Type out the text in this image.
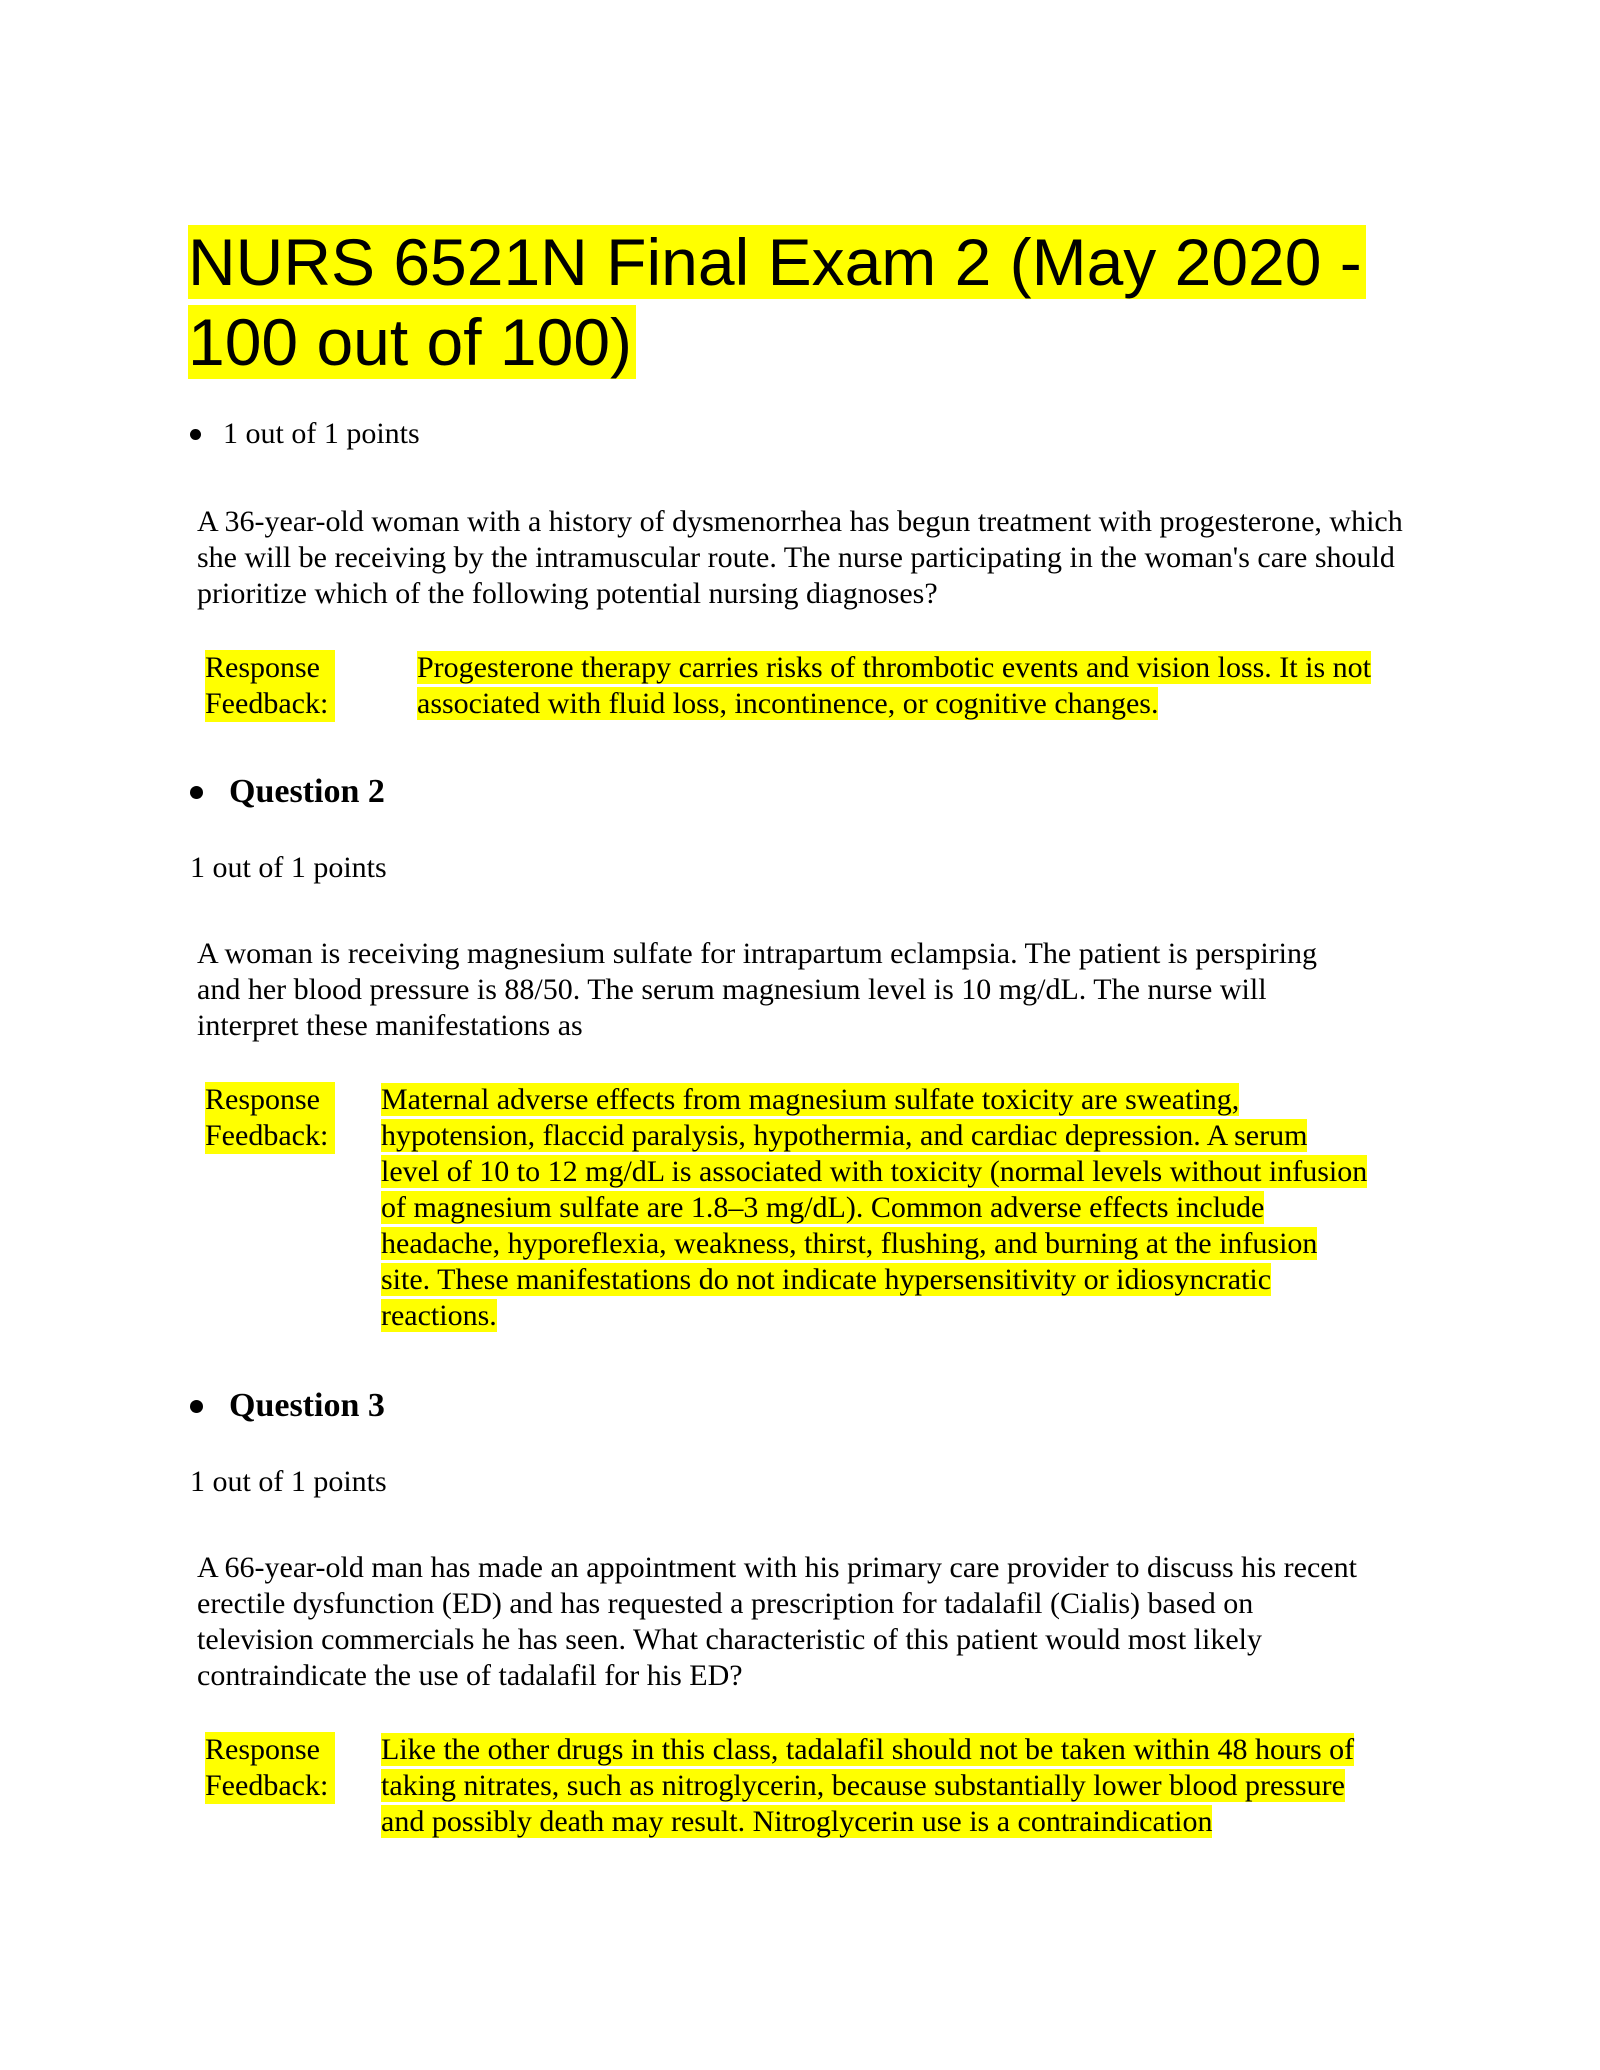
NURS 6521N Final Exam 2 (May 2020 - 100 out of 100)
1 out of 1 points

A 36-year-old woman with a history of dysmenorrhea has begun treatment with progesterone, which she will be receiving by the intramuscular route. The nurse participating in the woman's care should prioritize which of the following potential nursing diagnoses?

Response Feedback:
Progesterone therapy carries risks of thrombotic events and vision loss. It is not associated with fluid loss, incontinence, or cognitive changes.
Question 2
1 out of 1 points

A woman is receiving magnesium sulfate for intrapartum eclampsia. The patient is perspiring and her blood pressure is 88/50. The serum magnesium level is 10 mg/dL. The nurse will interpret these manifestations as

Response Feedback:
Maternal adverse effects from magnesium sulfate toxicity are sweating, hypotension, flaccid paralysis, hypothermia, and cardiac depression. A serum level of 10 to 12 mg/dL is associated with toxicity (normal levels without infusion of magnesium sulfate are 1.8–3 mg/dL). Common adverse effects include headache, hyporeflexia, weakness, thirst, flushing, and burning at the infusion site. These manifestations do not indicate hypersensitivity or idiosyncratic reactions.
Question 3
1 out of 1 points

A 66-year-old man has made an appointment with his primary care provider to discuss his recent erectile dysfunction (ED) and has requested a prescription for tadalafil (Cialis) based on television commercials he has seen. What characteristic of this patient would most likely contraindicate the use of tadalafil for his ED?

Response Feedback:
Like the other drugs in this class, tadalafil should not be taken within 48 hours of taking nitrates, such as nitroglycerin, because substantially lower blood pressure and possibly death may result. Nitroglycerin use is a contraindication
